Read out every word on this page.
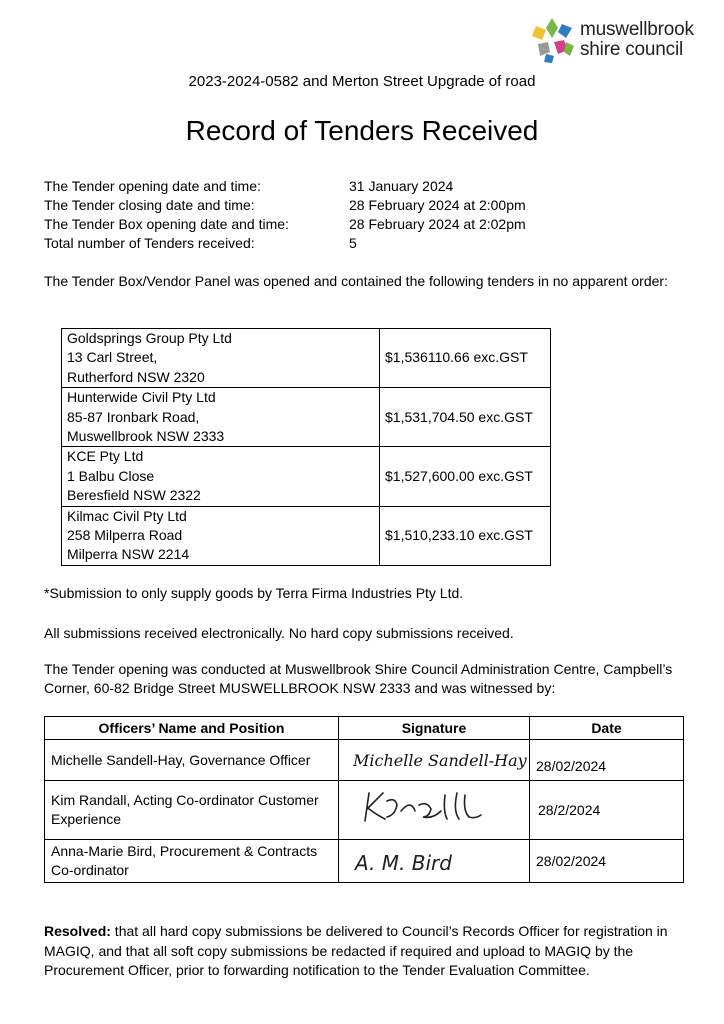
muswellbrook
shire council
2023-2024-0582 and Merton Street Upgrade of road
Record of Tenders Received
The Tender opening date and time:	31 January 2024
The Tender closing date and time:	28 February 2024 at 2:00pm
The Tender Box opening date and time:	28 February 2024 at 2:02pm
Total number of Tenders received:	5
The Tender Box/Vendor Panel was opened and contained the following tenders in no apparent order:
Goldsprings Group Pty Ltd
13 Carl Street,
Rutherford NSW 2320	$1,536110.66 exc.GST

Hunterwide Civil Pty Ltd
85-87 Ironbark Road,
Muswellbrook NSW 2333	$1,531,704.50 exc.GST

KCE Pty Ltd
1 Balbu Close
Beresfield NSW 2322	$1,527,600.00 exc.GST

Kilmac Civil Pty Ltd
258 Milperra Road
Milperra NSW 2214	$1,510,233.10 exc.GST
*Submission to only supply goods by Terra Firma Industries Pty Ltd.
All submissions received electronically. No hard copy submissions received.
The Tender opening was conducted at Muswellbrook Shire Council Administration Centre, Campbell’s Corner, 60-82 Bridge Street MUSWELLBROOK NSW 2333 and was witnessed by:
Officers’ Name and Position	Signature	Date
Michelle Sandell-Hay, Governance Officer	Michelle Sandell-Hay	28/02/2024
Kim Randall, Acting Co-ordinator Customer Experience		28/2/2024
Anna-Marie Bird, Procurement & Contracts Co-ordinator	A. M. Bird	28/02/2024
Resolved: that all hard copy submissions be delivered to Council’s Records Officer for registration in MAGIQ, and that all soft copy submissions be redacted if required and upload to MAGIQ by the Procurement Officer, prior to forwarding notification to the Tender Evaluation Committee.
